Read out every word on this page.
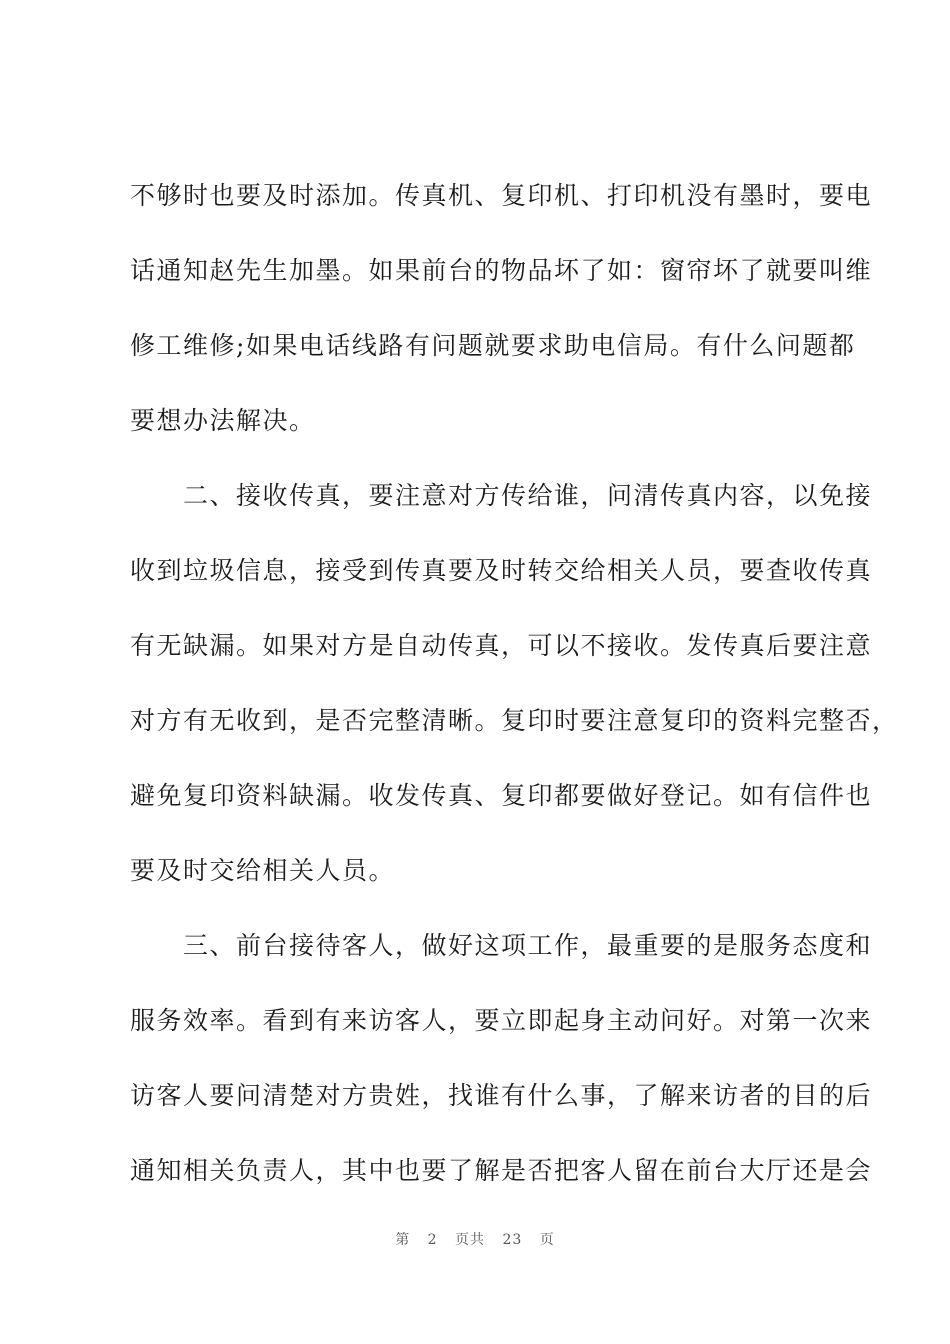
不够时也要及时添加。传真机、复印机、打印机没有墨时，要电
话通知赵先生加墨。如果前台的物品坏了如：窗帘坏了就要叫维
修工维修;如果电话线路有问题就要求助电信局。有什么问题都
要想办法解决。
　　二、接收传真，要注意对方传给谁，问清传真内容，以免接
收到垃圾信息，接受到传真要及时转交给相关人员，要查收传真
有无缺漏。如果对方是自动传真，可以不接收。发传真后要注意
对方有无收到，是否完整清晰。复印时要注意复印的资料完整否，
避免复印资料缺漏。收发传真、复印都要做好登记。如有信件也
要及时交给相关人员。
　　三、前台接待客人，做好这项工作，最重要的是服务态度和
服务效率。看到有来访客人，要立即起身主动问好。对第一次来
访客人要问清楚对方贵姓，找谁有什么事，了解来访者的目的后
通知相关负责人，其中也要了解是否把客人留在前台大厅还是会
第 2 页共 23 页
